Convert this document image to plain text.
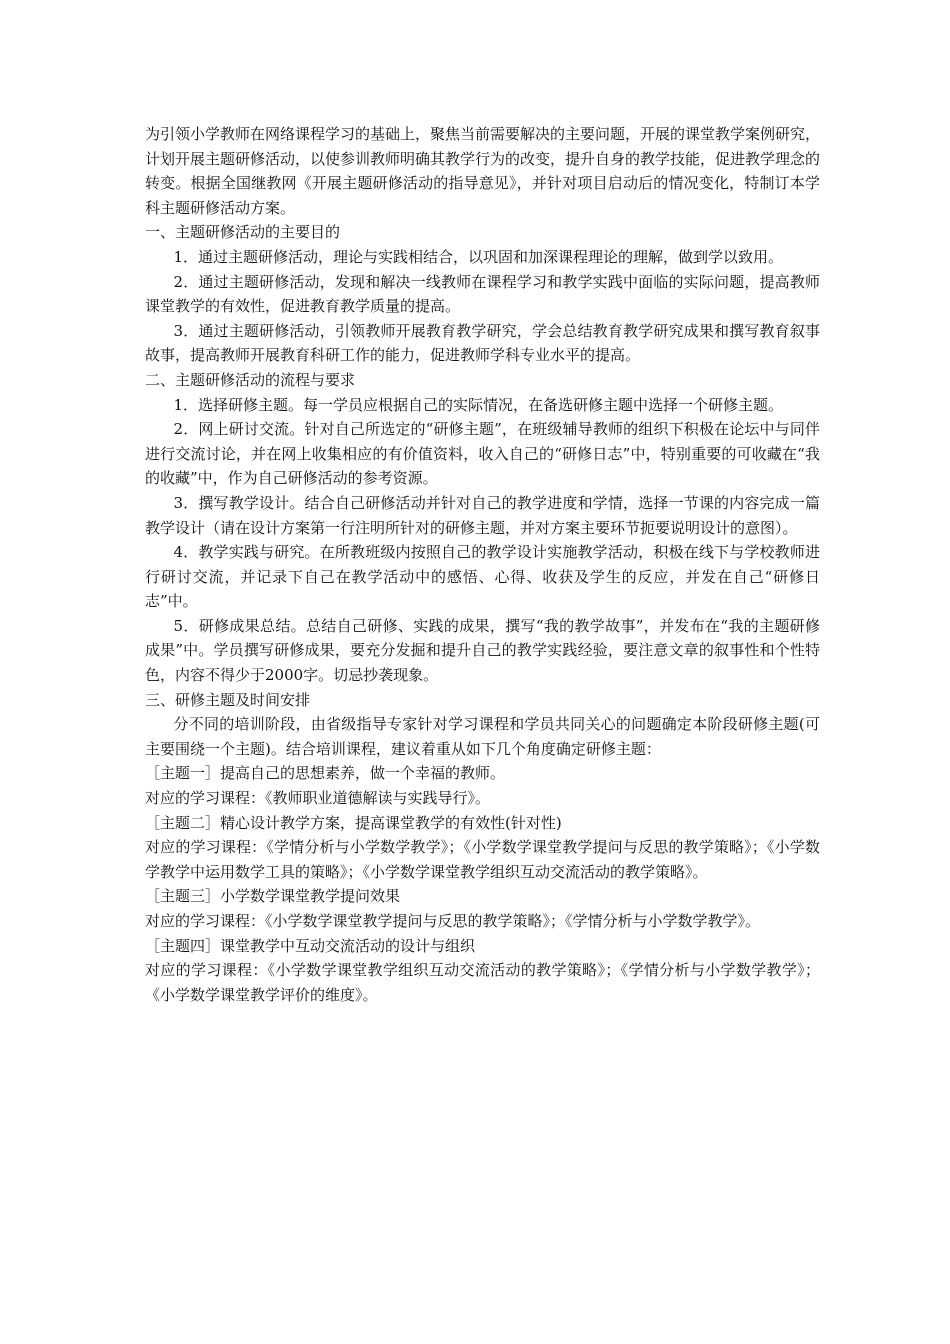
为引领小学教师在网络课程学习的基础上，聚焦当前需要解决的主要问题，开展的课堂教学案例研究，计划开展主题研修活动，以使参训教师明确其教学行为的改变，提升自身的教学技能，促进教学理念的转变。根据全国继教网《开展主题研修活动的指导意见》，并针对项目启动后的情况变化，特制订本学科主题研修活动方案。

一、主题研修活动的主要目的

1．通过主题研修活动，理论与实践相结合，以巩固和加深课程理论的理解，做到学以致用。

2．通过主题研修活动，发现和解决一线教师在课程学习和教学实践中面临的实际问题，提高教师课堂教学的有效性，促进教育教学质量的提高。

3．通过主题研修活动，引领教师开展教育教学研究，学会总结教育教学研究成果和撰写教育叙事故事，提高教师开展教育科研工作的能力，促进教师学科专业水平的提高。

二、主题研修活动的流程与要求

1．选择研修主题。每一学员应根据自己的实际情况，在备选研修主题中选择一个研修主题。

2．网上研讨交流。针对自己所选定的“研修主题”，在班级辅导教师的组织下积极在论坛中与同伴进行交流讨论，并在网上收集相应的有价值资料，收入自己的“研修日志”中，特别重要的可收藏在“我的收藏”中，作为自己研修活动的参考资源。

3．撰写教学设计。结合自己研修活动并针对自己的教学进度和学情，选择一节课的内容完成一篇教学设计（请在设计方案第一行注明所针对的研修主题，并对方案主要环节扼要说明设计的意图）。

4．教学实践与研究。在所教班级内按照自己的教学设计实施教学活动，积极在线下与学校教师进行研讨交流，并记录下自己在教学活动中的感悟、心得、收获及学生的反应，并发在自己“研修日志”中。

5．研修成果总结。总结自己研修、实践的成果，撰写“我的教学故事”，并发布在“我的主题研修成果”中。学员撰写研修成果，要充分发掘和提升自己的教学实践经验，要注意文章的叙事性和个性特色，内容不得少于2000字。切忌抄袭现象。

三、研修主题及时间安排

分不同的培训阶段，由省级指导专家针对学习课程和学员共同关心的问题确定本阶段研修主题(可主要围绕一个主题)。结合培训课程，建议着重从如下几个角度确定研修主题：

［主题一］提高自己的思想素养，做一个幸福的教师。

对应的学习课程：《教师职业道德解读与实践导行》。

［主题二］精心设计教学方案，提高课堂教学的有效性(针对性)

对应的学习课程：《学情分析与小学数学教学》；《小学数学课堂教学提问与反思的教学策略》；《小学数学教学中运用数学工具的策略》；《小学数学课堂教学组织互动交流活动的教学策略》。

［主题三］小学数学课堂教学提问效果

对应的学习课程：《小学数学课堂教学提问与反思的教学策略》；《学情分析与小学数学教学》。

［主题四］课堂教学中互动交流活动的设计与组织

对应的学习课程：《小学数学课堂教学组织互动交流活动的教学策略》；《学情分析与小学数学教学》；《小学数学课堂教学评价的维度》。
